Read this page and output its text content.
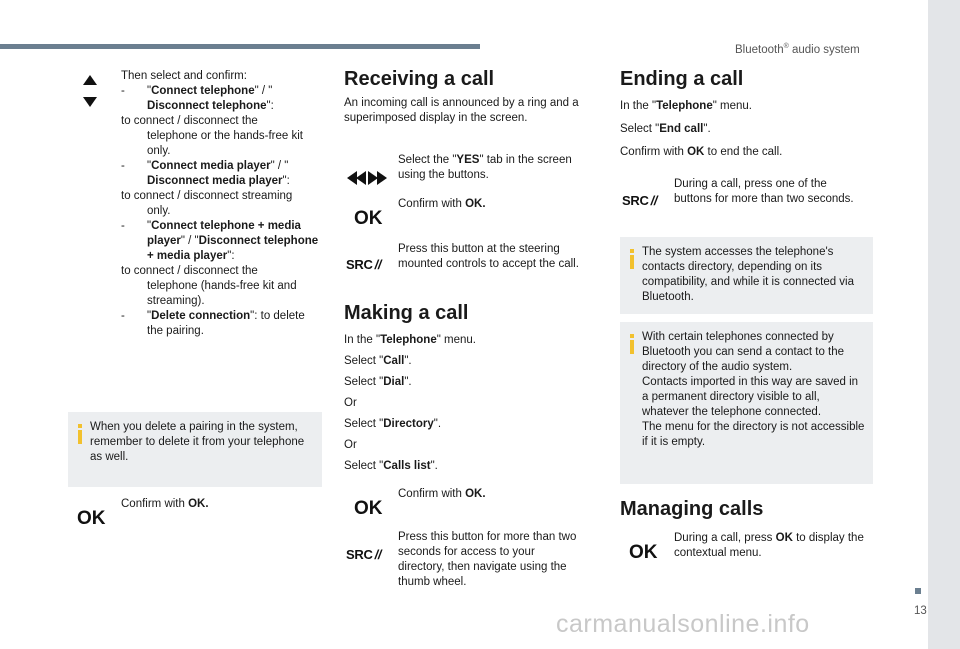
Bluetooth® audio system
13
carmanualsonline.info
Then select and confirm:
- "Connect telephone" / "
Disconnect telephone":
to connect / disconnect the
telephone or the hands-free kit only.
- "Connect media player" / "
Disconnect media player":
to connect / disconnect streaming
only.
-	"Connect telephone + media player" / "Disconnect telephone + media player":
to connect / disconnect the
telephone (hands-free kit and streaming).
- "Delete connection": to delete
the pairing.

When you delete a pairing in the system, remember to delete it from your telephone as well.

OK
Confirm with OK.
Receiving a call
An incoming call is announced by a ring and a superimposed display in the screen.
Select the "YES" tab in the screen using the buttons.
OK
Confirm with OK.
SRC //
Press this button at the steering mounted controls to accept the call.
Making a call
In the "Telephone" menu.
Select "Call".
Select "Dial".
Or
Select "Directory".
Or
Select "Calls list".
OK
Confirm with OK.
SRC //
Press this button for more than two seconds for access to your directory, then navigate using the thumb wheel.
Ending a call
In the "Telephone" menu.
Select "End call".
Confirm with OK to end the call.
SRC //
During a call, press one of the buttons for more than two seconds.

The system accesses the telephone's contacts directory, depending on its compatibility, and while it is connected via Bluetooth.

With certain telephones connected by Bluetooth you can send a contact to the directory of the audio system.

Contacts imported in this way are saved in a permanent directory visible to all, whatever the telephone connected.

The menu for the directory is not accessible if it is empty.

Managing calls
OK
During a call, press OK to display the contextual menu.
